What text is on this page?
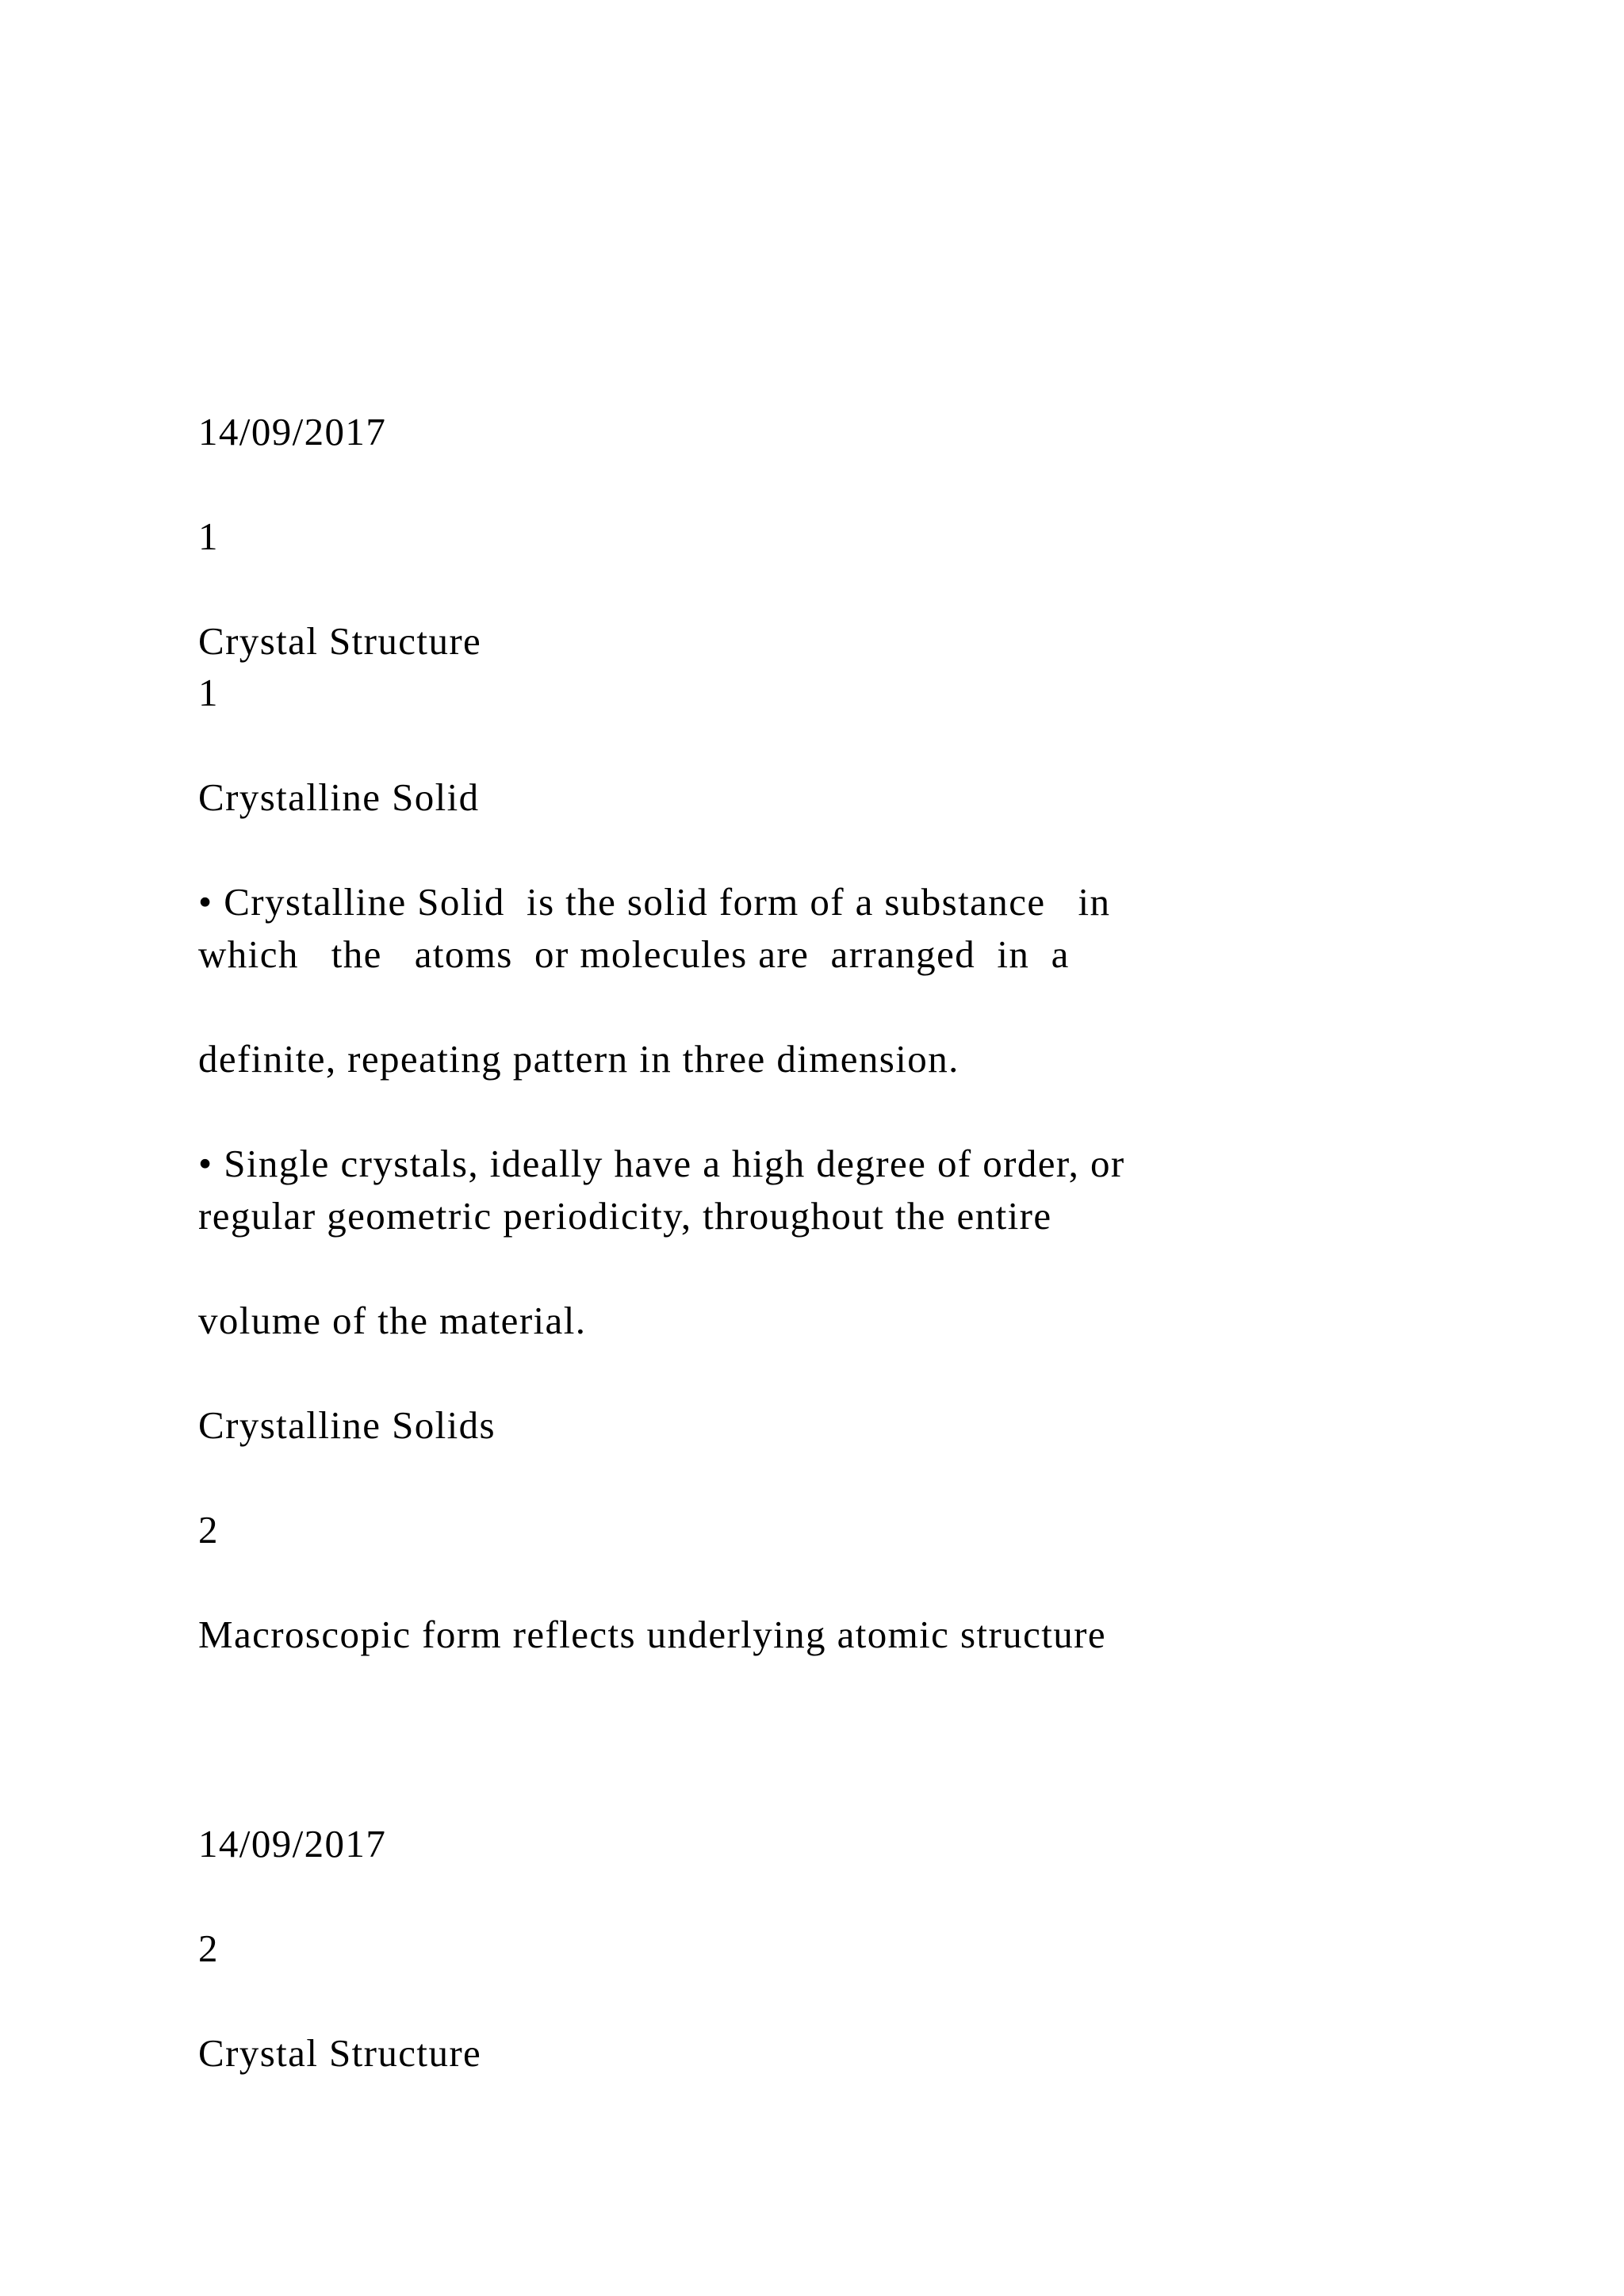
14/09/2017

1

Crystal Structure

1

Crystalline Solid

• Crystalline Solid  is the solid form of a substance   in

which   the   atoms  or molecules are  arranged  in  a

definite, repeating pattern in three dimension.

• Single crystals, ideally have a high degree of order, or

regular geometric periodicity, throughout the entire

volume of the material.

Crystalline Solids

2

Macroscopic form reflects underlying atomic structure

14/09/2017

2

Crystal Structure
